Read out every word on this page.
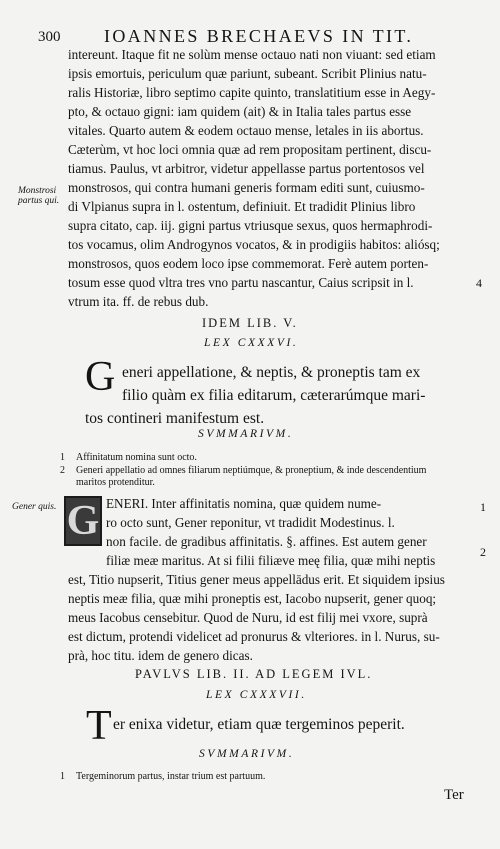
300 IOANNES BRECHAEVS IN TIT.
intereunt. Itaque fit ne solùm mense octauo nati non viuant: sed etiam
ipsis emortuis, periculum quæ pariunt, subeant. Scribit Plinius natu-
ralis Historiæ, libro septimo capite quinto, translatitium esse in Aegy-
pto, & octauo gigni: iam quidem (ait) & in Italia tales partus esse
vitales. Quarto autem & eodem octauo mense, letales in iis abortus.
Cæterùm, vt hoc loci omnia quæ ad rem propositam pertinent, discu-
tiamus. Paulus, vt arbitror, videtur appellasse partus portentosos vel
monstrosos, qui contra humani generis formam editi sunt, cuiusmo-
di Vlpianus supra in l. ostentum, definiuit. Et tradidit Plinius libro
supra citato, cap. iij. gigni partus vtriusque sexus, quos hermaphrodi-
tos vocamus, olim Androgynos vocatos, & in prodigiis habitos: aliósq;
monstrosos, quos eodem loco ipse commemorat. Ferè autem porten-
tosum esse quod vltra tres vno partu nascantur, Caius scripsit in l.
vtrum ita. ff. de rebus dub.
Monstrosi partus qui.
4
IDEM LIB. V.
LEX CXXXVI.
G eneri appellatione, & neptis, & proneptis tam ex
filio quàm ex filia editarum, cæterarúmque mari-
tos contineri manifestum est.
SVMMARIVM.
1 Affinitatum nomina sunt octo.
2 Generi appellatio ad omnes filiarum neptiúmque, & proneptium, & inde descendentium
maritos protenditur.
Gener quis. G ENERI. Inter affinitatis nomina, quæ quidem nume-
ro octo sunt, Gener reponitur, vt tradidit Modestinus. l.
non facile. de gradibus affinitatis. §. affines. Est autem gener
filiæ meæ maritus. At si filii filiæve meę filia, quæ mihi neptis
est, Titio nupserit, Titius gener meus appellādus erit. Et siquidem ipsius
neptis meæ filia, quæ mihi proneptis est, Iacobo nupserit, gener quoq;
meus Iacobus censebitur. Quod de Nuru, id est filij mei vxore, suprà
est dictum, protendi videlicet ad pronurus & vlteriores. in l. Nurus, su-
prà, hoc titu. idem de genero dicas.
1
2
PAVLVS LIB. II. AD LEGEM IVL.
LEX CXXXVII.
T er enixa videtur, etiam quæ tergeminos peperit.
SVMMARIVM.
1 Tergeminorum partus, instar trium est partuum.
Ter
